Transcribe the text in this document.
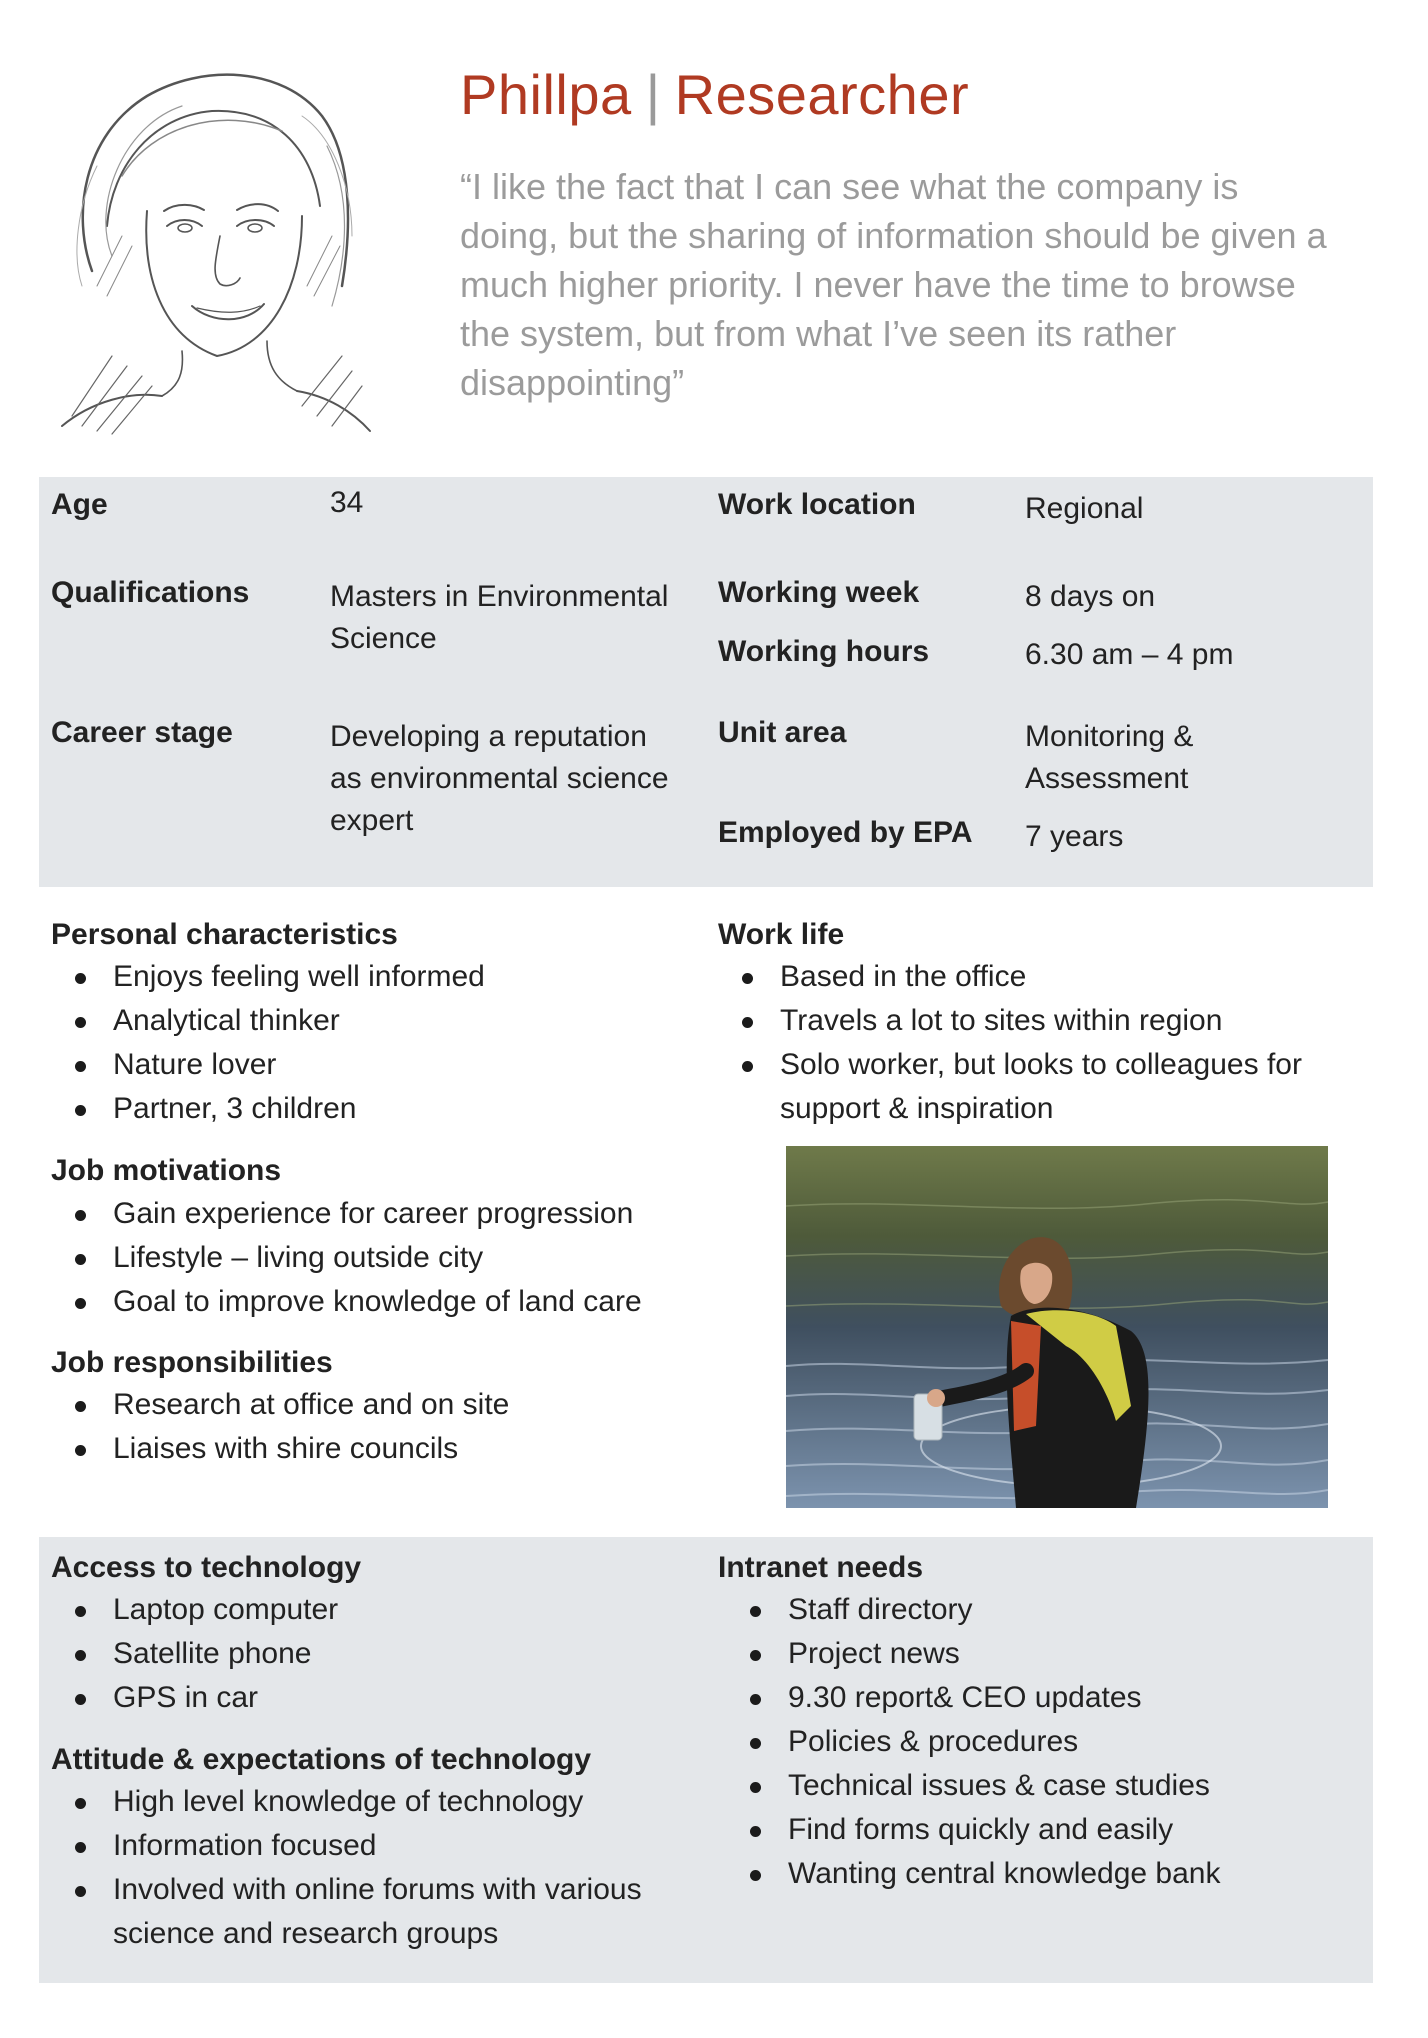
Phillpa | Researcher
“I like the fact that I can see what the company is doing, but the sharing of information should be given a much higher priority. I never have the time to browse the system, but from what I’ve seen its rather disappointing”
Age	34
Qualifications	Masters in Environmental Science
Career stage	Developing a reputation as environmental science expert
Work location	Regional
Working week	8 days on
Working hours	6.30 am – 4 pm
Unit area	Monitoring & Assessment
Employed by EPA 7 years
Personal characteristics
Enjoys feeling well informed
Analytical thinker
Nature lover
Partner, 3 children
Job motivations
Gain experience for career progression
Lifestyle – living outside city
Goal to improve knowledge of land care
Job responsibilities
Research at office and on site
Liaises with shire councils
Work life
Based in the office
Travels a lot to sites within region
Solo worker, but looks to colleagues for support & inspiration
Access to technology
Laptop computer
Satellite phone
GPS in car
Attitude & expectations of technology
High level knowledge of technology
Information focused
Involved with online forums with various science and research groups
Intranet needs
Staff directory
Project news
9.30 report& CEO updates
Policies & procedures
Technical issues & case studies
Find forms quickly and easily
Wanting central knowledge bank
